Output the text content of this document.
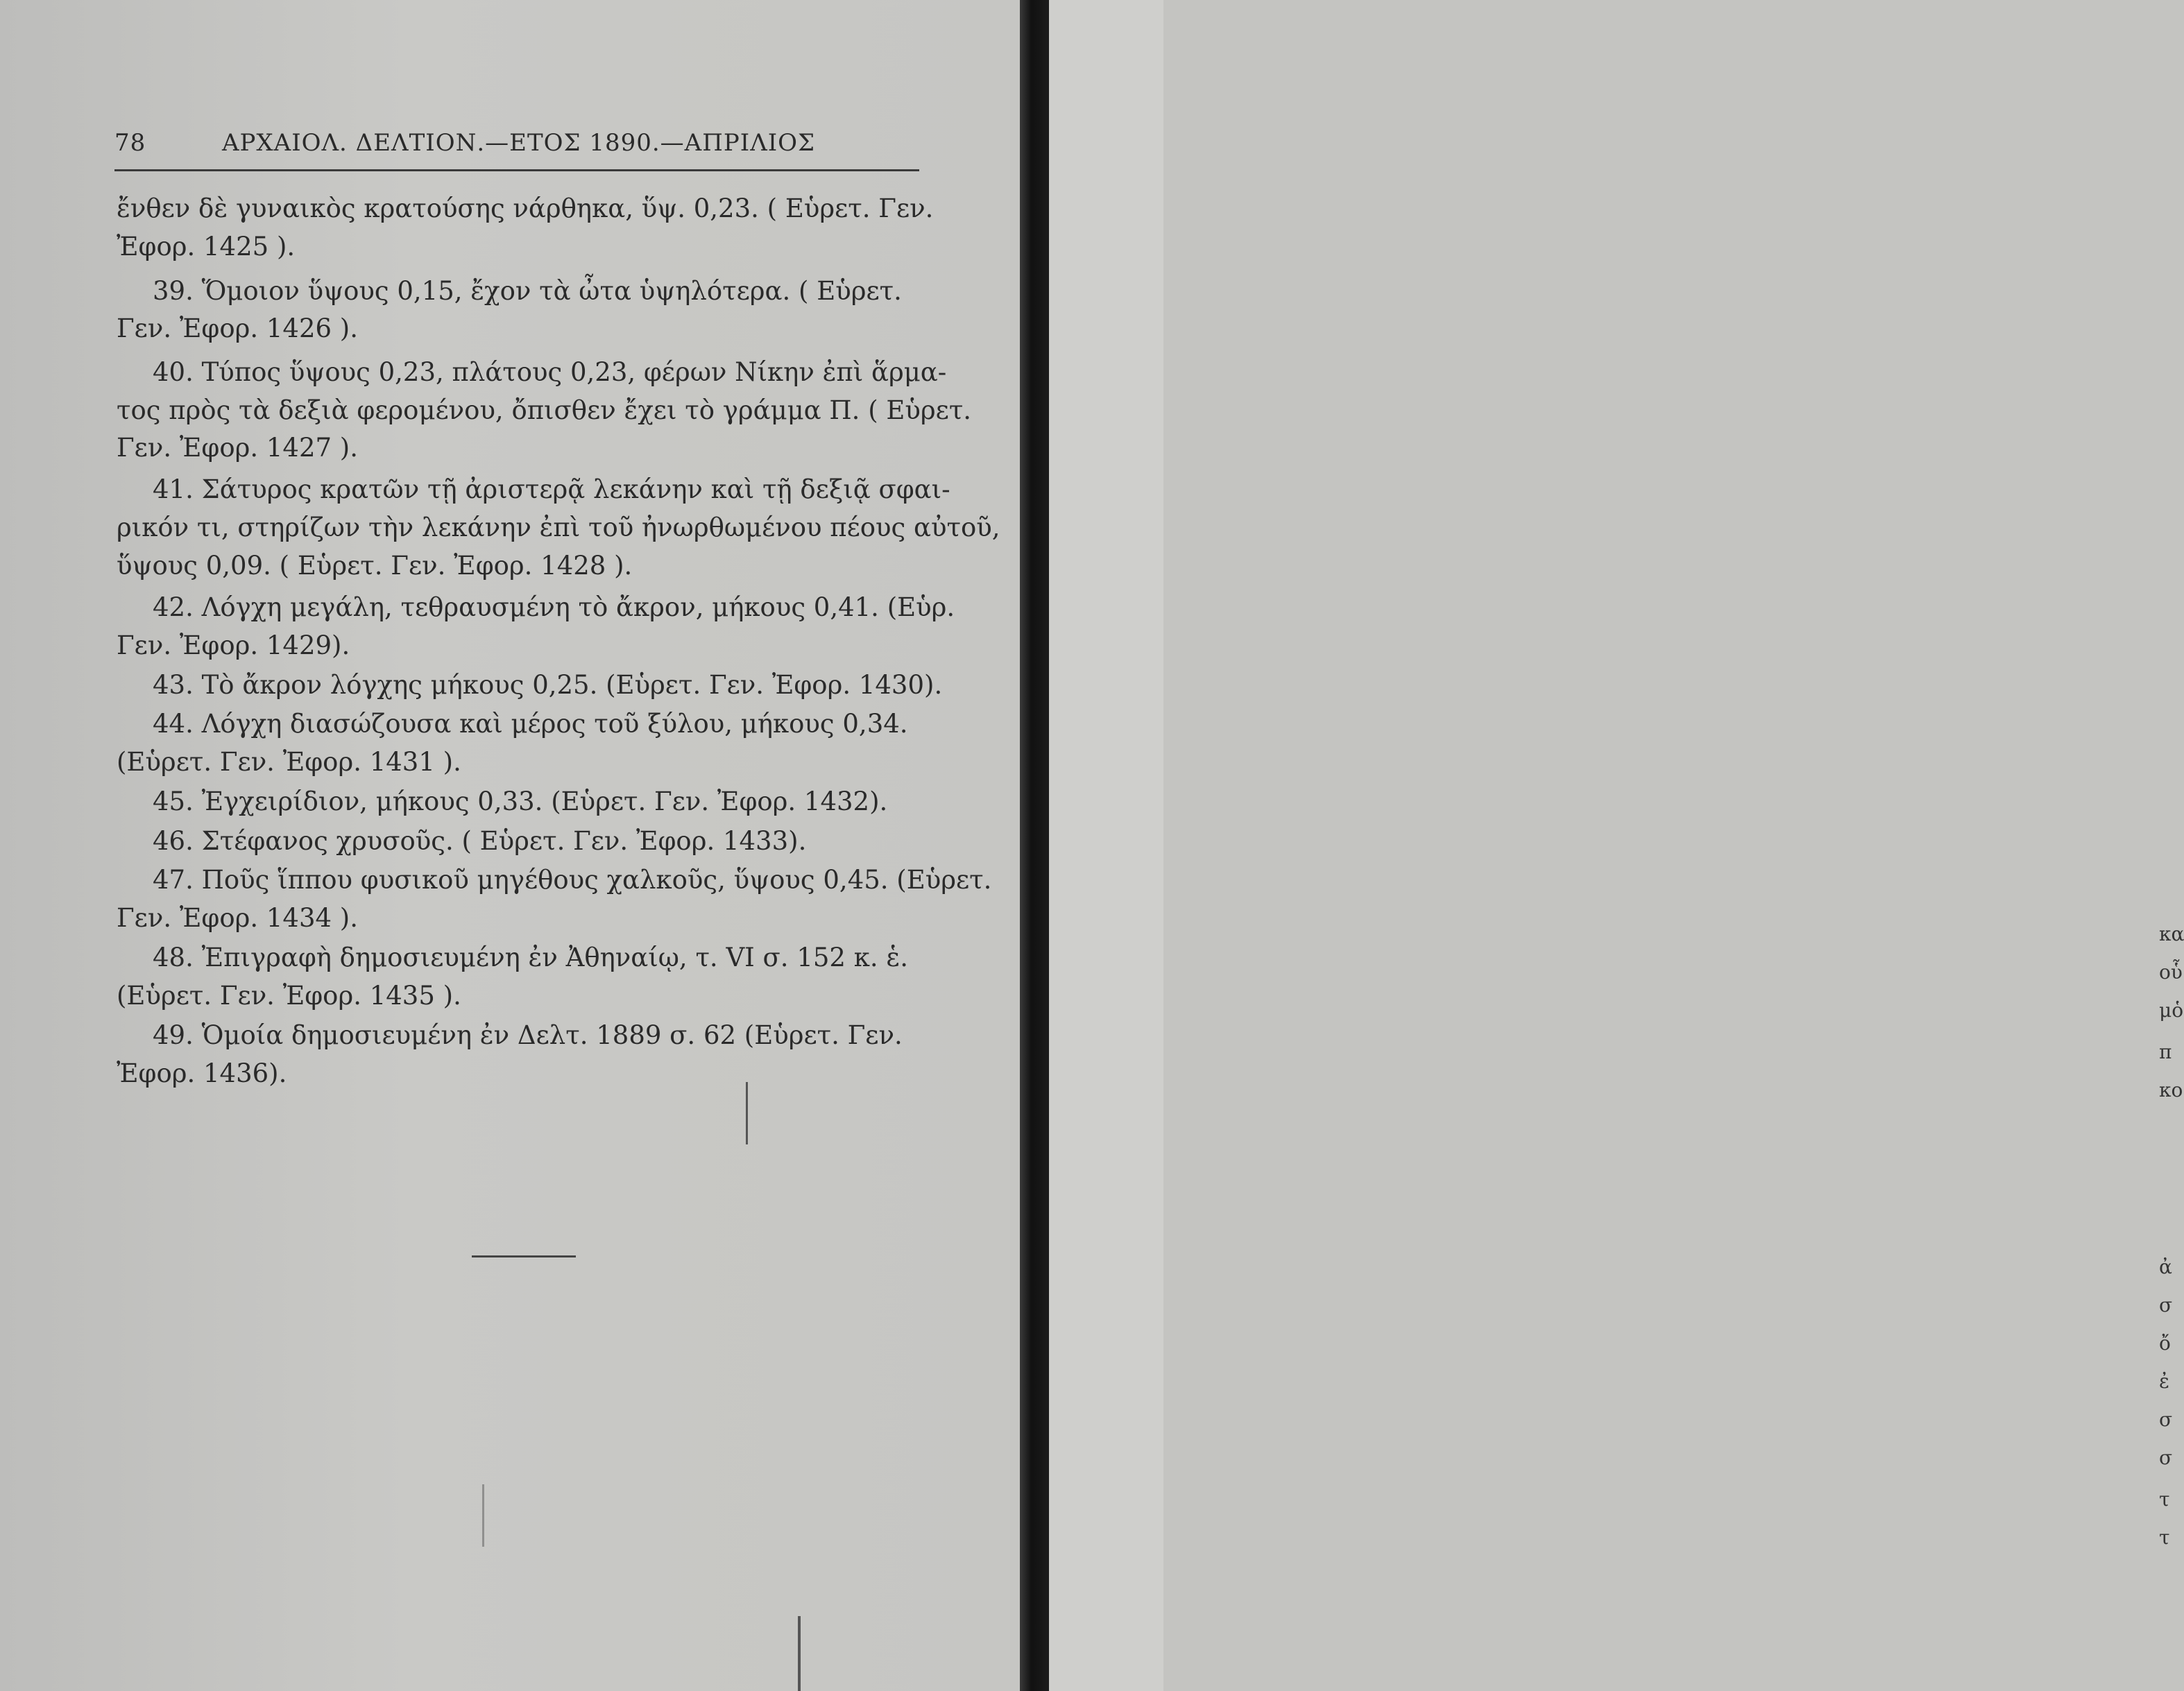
78	ΑΡΧΑΙΟΛ. ΔΕΛΤΙΟΝ.—ΕΤΟΣ 1890.—ΑΠΡΙΛΙΟΣ
ἔνθεν δὲ γυναικὸς κρατούσης νάρθηκα, ὕψ. 0,23. ( Εὑρετ. Γεν.
Ἐφορ. 1425 ).
39. Ὅμοιον ὕψους 0,15, ἔχον τὰ ὦτα ὑψηλότερα. ( Εὑρετ.
Γεν. Ἐφορ. 1426 ).
40. Τύπος ὕψους 0,23, πλάτους 0,23, φέρων Νίκην ἐπὶ ἅρμα-
τος πρὸς τὰ δεξιὰ φερομένου, ὄπισθεν ἔχει τὸ γράμμα Π. ( Εὑρετ.
Γεν. Ἐφορ. 1427 ).
41. Σάτυρος κρατῶν τῇ ἀριστερᾷ λεκάνην καὶ τῇ δεξιᾷ σφαι-
ρικόν τι, στηρίζων τὴν λεκάνην ἐπὶ τοῦ ἠνωρθωμένου πέους αὐτοῦ,
ὕψους 0,09. ( Εὑρετ. Γεν. Ἐφορ. 1428 ).
42. Λόγχη μεγάλη, τεθραυσμένη τὸ ἄκρον, μήκους 0,41. (Εὑρ.
Γεν. Ἐφορ. 1429).
43. Τὸ ἄκρον λόγχης μήκους 0,25. (Εὑρετ. Γεν. Ἐφορ. 1430).
44. Λόγχη διασώζουσα καὶ μέρος τοῦ ξύλου, μήκους 0,34.
(Εὑρετ. Γεν. Ἐφορ. 1431 ).
45. Ἐγχειρίδιον, μήκους 0,33. (Εὑρετ. Γεν. Ἐφορ. 1432).
46. Στέφανος χρυσοῦς. ( Εὑρετ. Γεν. Ἐφορ. 1433).
47. Ποῦς ἵππου φυσικοῦ μηγέθους χαλκοῦς, ὕψους 0,45. (Εὑρετ.
Γεν. Ἐφορ. 1434 ).
48. Ἐπιγραφὴ δημοσιευμένη ἐν Ἀθηναίῳ, τ. VI σ. 152 κ. ἑ.
(Εὑρετ. Γεν. Ἐφορ. 1435 ).
49. Ὁμοία δημοσιευμένη ἐν Δελτ. 1889 σ. 62 (Εὑρετ. Γεν.
Ἐφορ. 1436).
κα
οὗ
μὁ
π
κο
ἀ
σ
ὄ
ἐ
σ
σ
τ
τ
